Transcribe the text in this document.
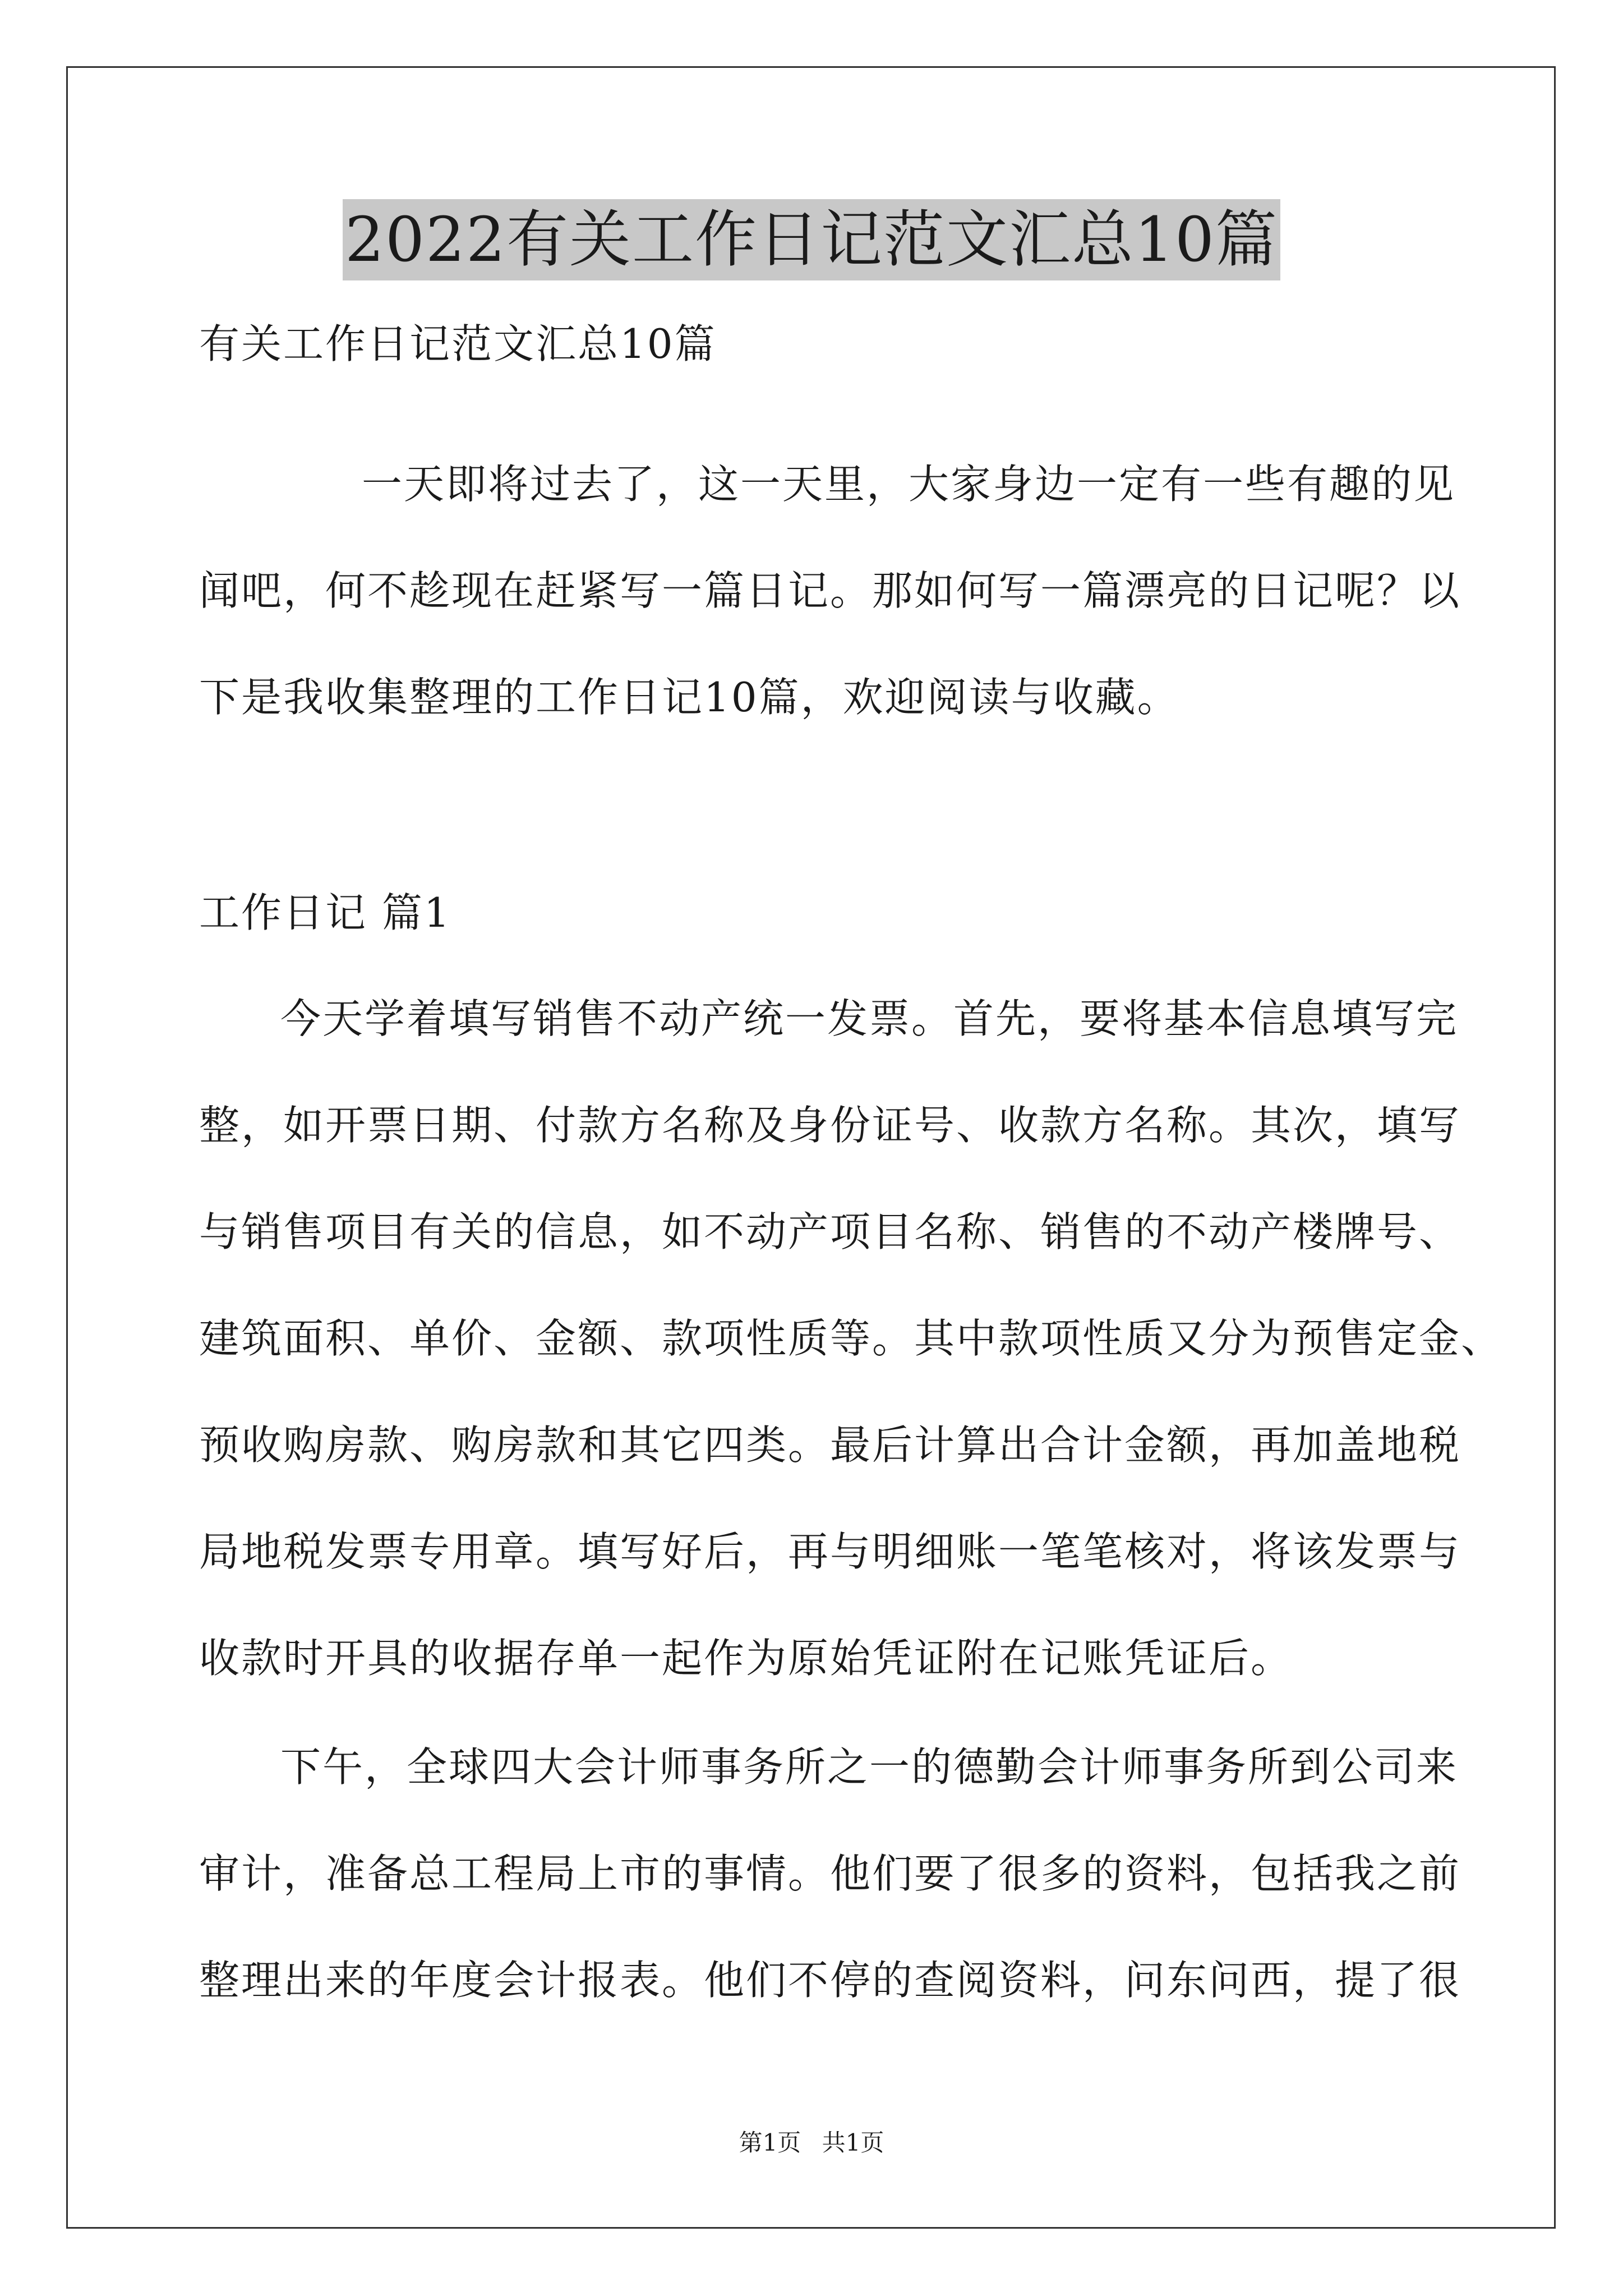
2022有关工作日记范文汇总10篇

有关工作日记范文汇总10篇

一天即将过去了，这一天里，大家身边一定有一些有趣的见

闻吧，何不趁现在赶紧写一篇日记。那如何写一篇漂亮的日记呢？以

下是我收集整理的工作日记10篇，欢迎阅读与收藏。

工作日记 篇1

今天学着填写销售不动产统一发票。首先，要将基本信息填写完

整，如开票日期、付款方名称及身份证号、收款方名称。其次，填写

与销售项目有关的信息，如不动产项目名称、销售的不动产楼牌号、

建筑面积、单价、金额、款项性质等。其中款项性质又分为预售定金、

预收购房款、购房款和其它四类。最后计算出合计金额，再加盖地税

局地税发票专用章。填写好后，再与明细账一笔笔核对，将该发票与

收款时开具的收据存单一起作为原始凭证附在记账凭证后。

下午，全球四大会计师事务所之一的德勤会计师事务所到公司来

审计，准备总工程局上市的事情。他们要了很多的资料，包括我之前

整理出来的年度会计报表。他们不停的查阅资料，问东问西，提了很

第1页 共1页
